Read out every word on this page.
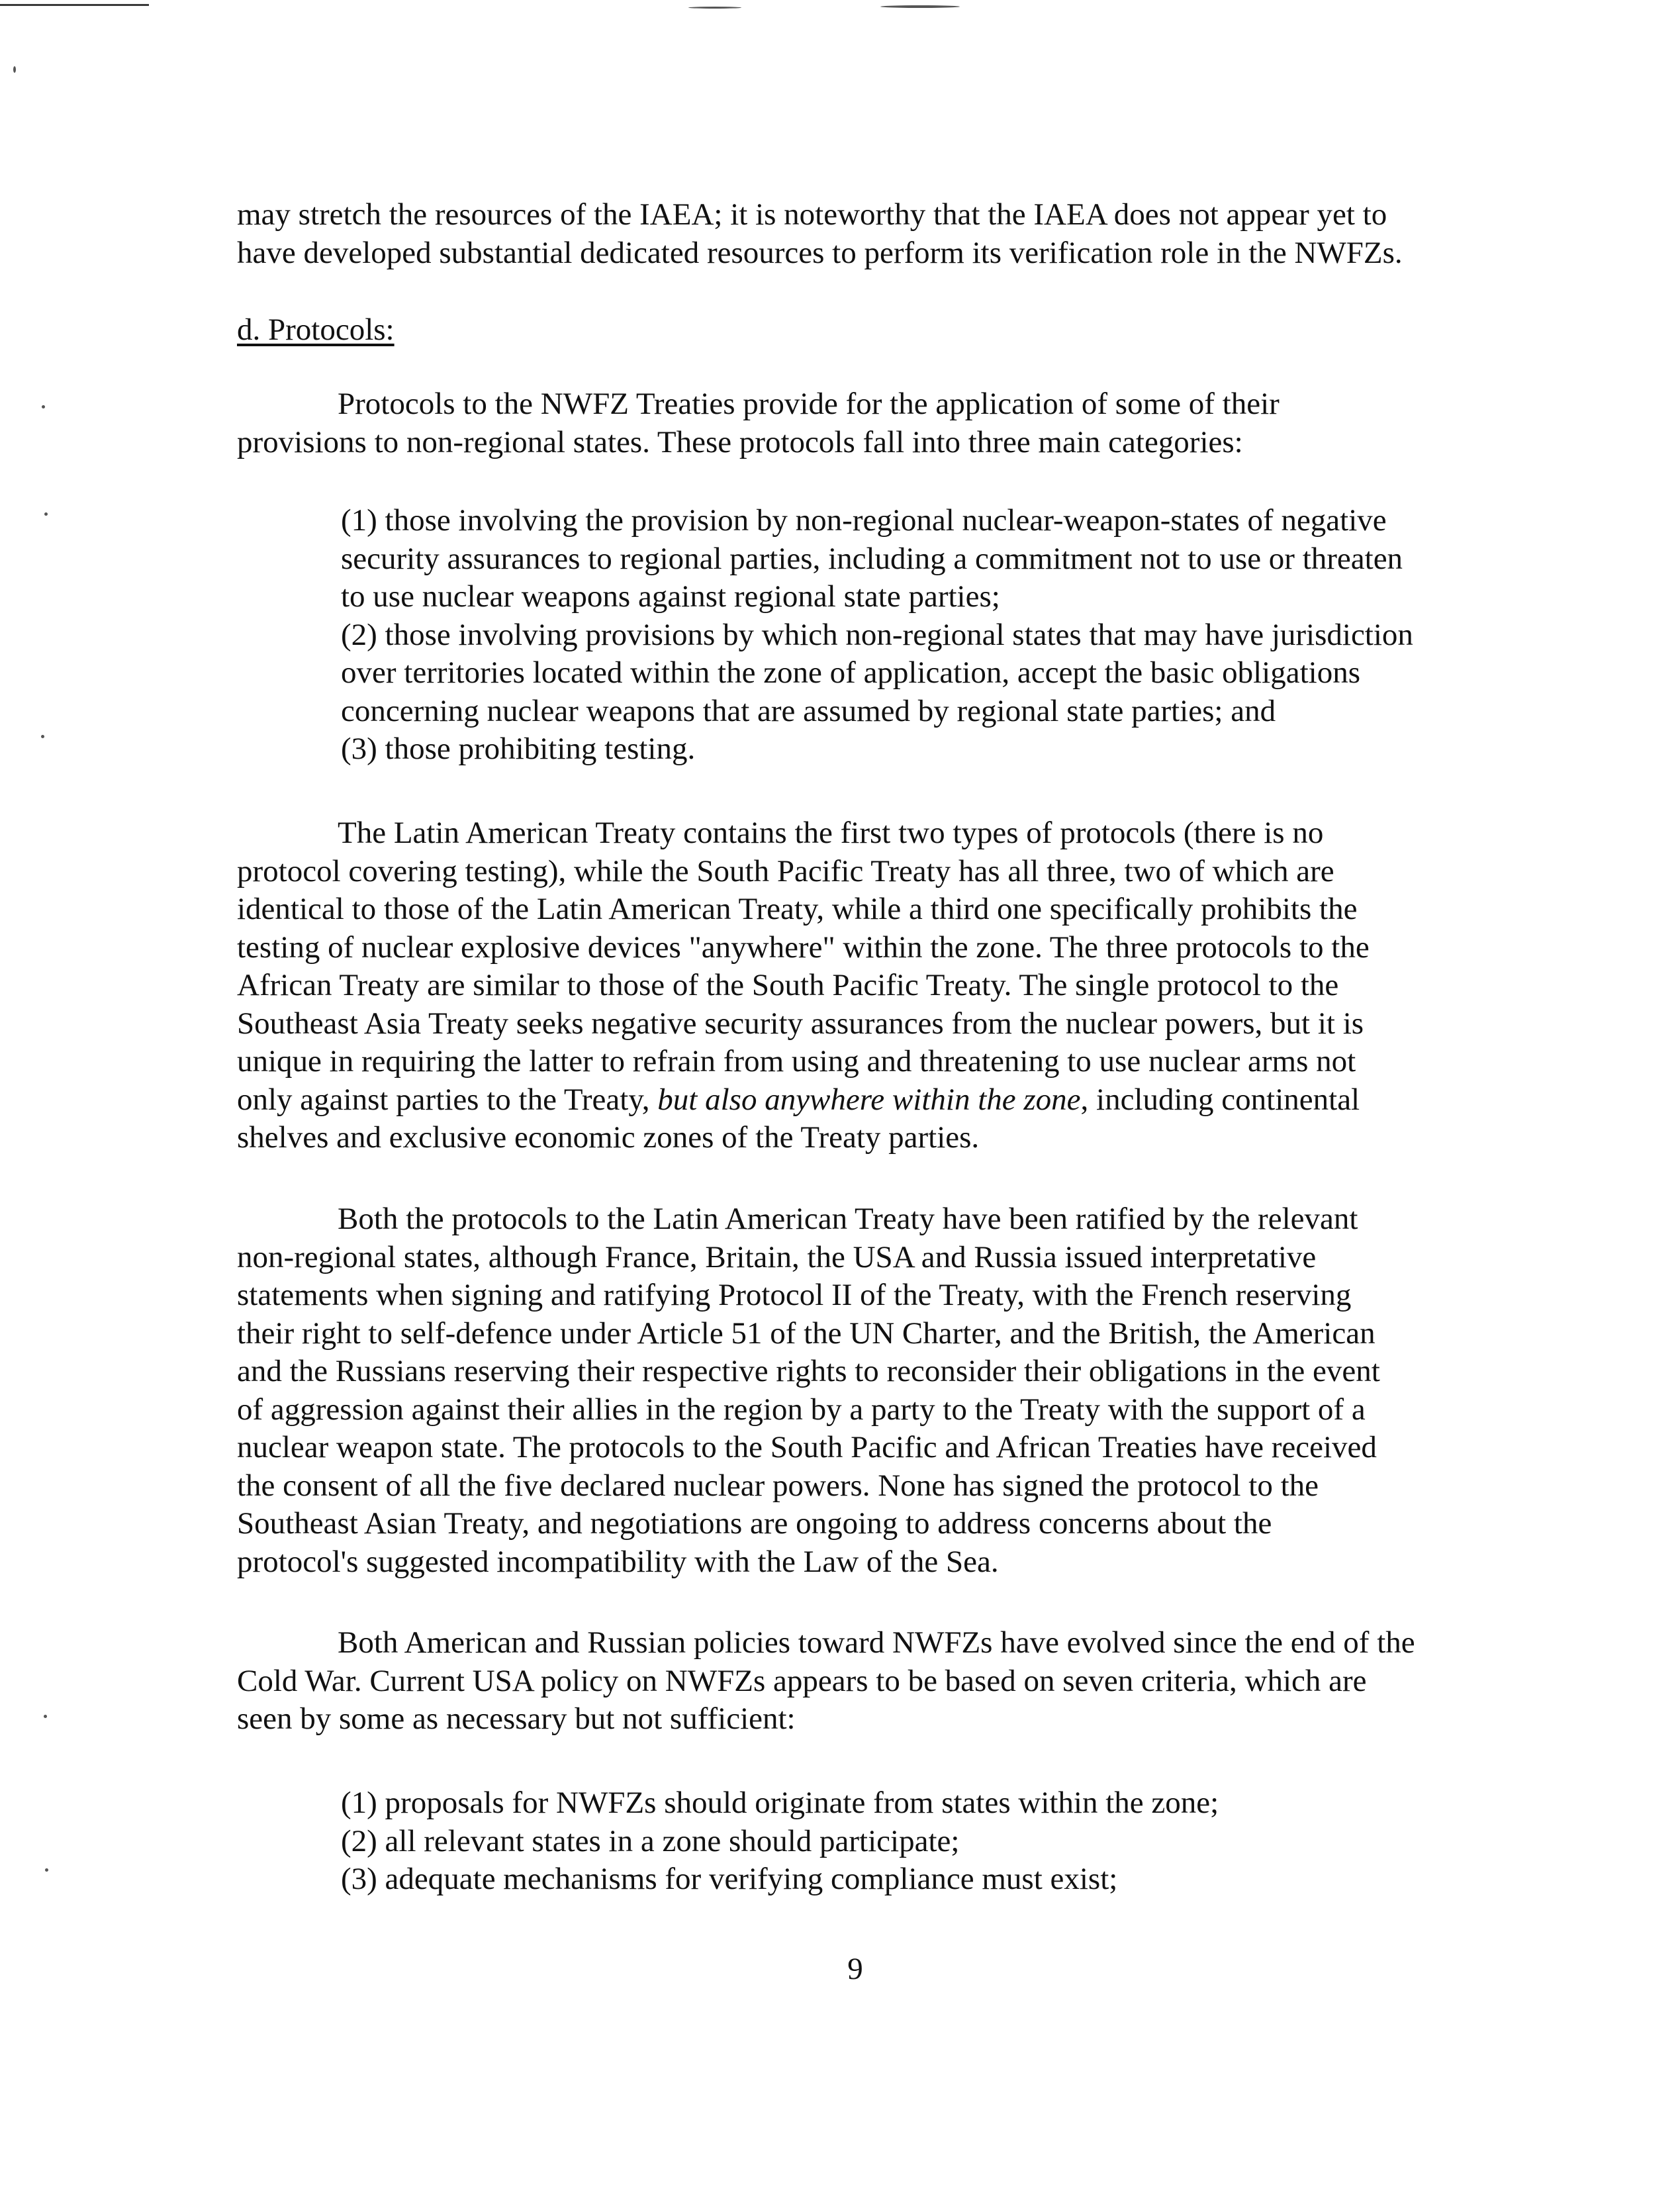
may stretch the resources of the IAEA; it is noteworthy that the IAEA does not appear yet to
have developed substantial dedicated resources to perform its verification role in the NWFZs.

d. Protocols:

Protocols to the NWFZ Treaties provide for the application of some of their
provisions to non-regional states. These protocols fall into three main categories:

(1) those involving the provision by non-regional nuclear-weapon-states of negative
security assurances to regional parties, including a commitment not to use or threaten
to use nuclear weapons against regional state parties;
(2) those involving provisions by which non-regional states that may have jurisdiction
over territories located within the zone of application, accept the basic obligations
concerning nuclear weapons that are assumed by regional state parties; and
(3) those prohibiting testing.

The Latin American Treaty contains the first two types of protocols (there is no
protocol covering testing), while the South Pacific Treaty has all three, two of which are
identical to those of the Latin American Treaty, while a third one specifically prohibits the
testing of nuclear explosive devices "anywhere" within the zone. The three protocols to the
African Treaty are similar to those of the South Pacific Treaty. The single protocol to the
Southeast Asia Treaty seeks negative security assurances from the nuclear powers, but it is
unique in requiring the latter to refrain from using and threatening to use nuclear arms not
only against parties to the Treaty, but also anywhere within the zone, including continental
shelves and exclusive economic zones of the Treaty parties.

Both the protocols to the Latin American Treaty have been ratified by the relevant
non-regional states, although France, Britain, the USA and Russia issued interpretative
statements when signing and ratifying Protocol II of the Treaty, with the French reserving
their right to self-defence under Article 51 of the UN Charter, and the British, the American
and the Russians reserving their respective rights to reconsider their obligations in the event
of aggression against their allies in the region by a party to the Treaty with the support of a
nuclear weapon state. The protocols to the South Pacific and African Treaties have received
the consent of all the five declared nuclear powers. None has signed the protocol to the
Southeast Asian Treaty, and negotiations are ongoing to address concerns about the
protocol's suggested incompatibility with the Law of the Sea.

Both American and Russian policies toward NWFZs have evolved since the end of the
Cold War. Current USA policy on NWFZs appears to be based on seven criteria, which are
seen by some as necessary but not sufficient:

(1) proposals for NWFZs should originate from states within the zone;
(2) all relevant states in a zone should participate;
(3) adequate mechanisms for verifying compliance must exist;

9
